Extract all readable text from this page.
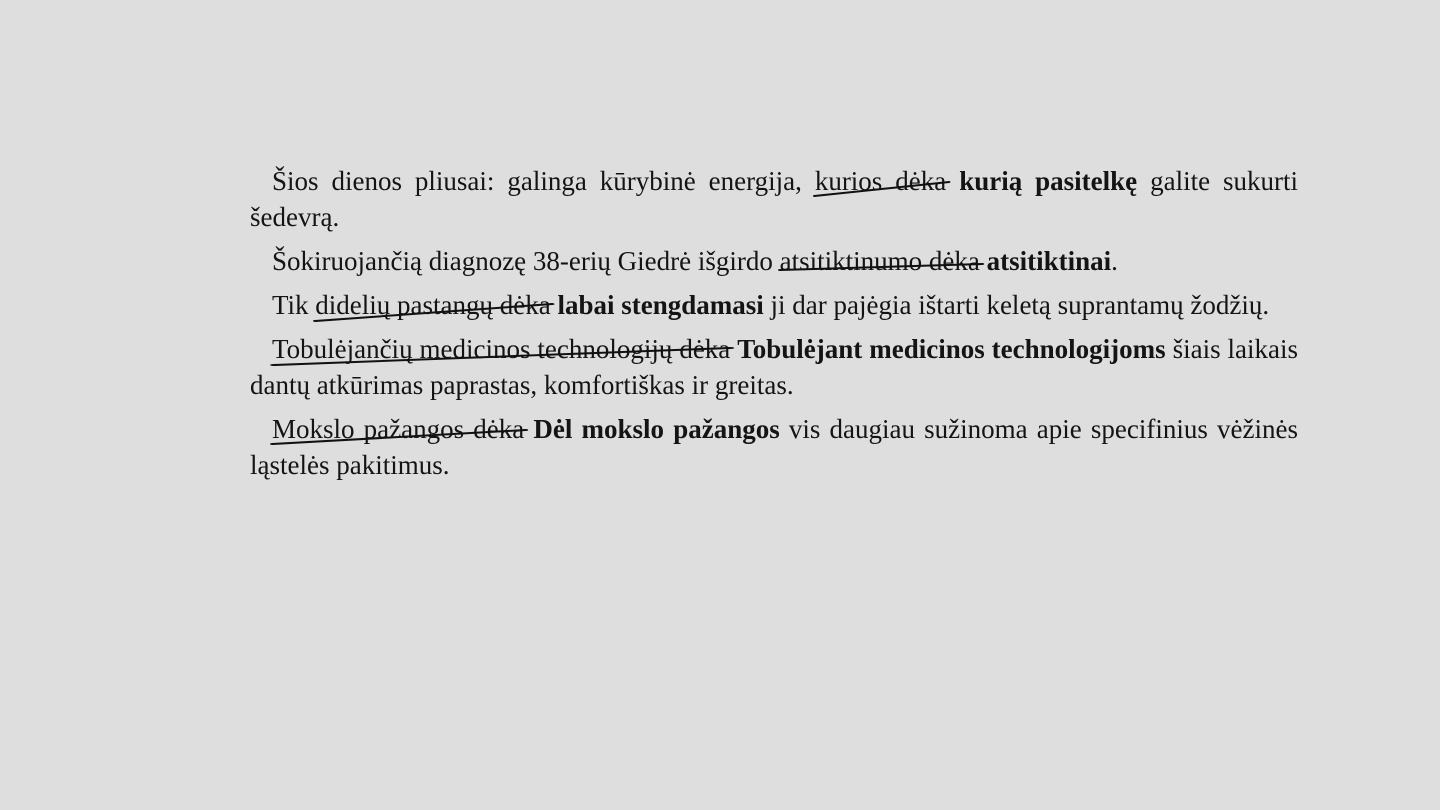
Šios dienos pliusai: galinga kūrybinė energija, kurios dėka kurią pasitelkę galite sukurti šedevrą.

Šokiruojančią diagnozę 38-erių Giedrė išgirdo atsitiktinumo dėka atsitiktinai.

Tik didelių pastangų dėka labai stengdamasi ji dar pajėgia ištarti keletą suprantamų žodžių.

Tobulėjančių medicinos technologijų dėka Tobulėjant medicinos technologijoms šiais laikais dantų atkūrimas paprastas, komfortiškas ir greitas.

Mokslo pažangos dėka Dėl mokslo pažangos vis daugiau sužinoma apie specifinius vėžinės ląstelės pakitimus.
